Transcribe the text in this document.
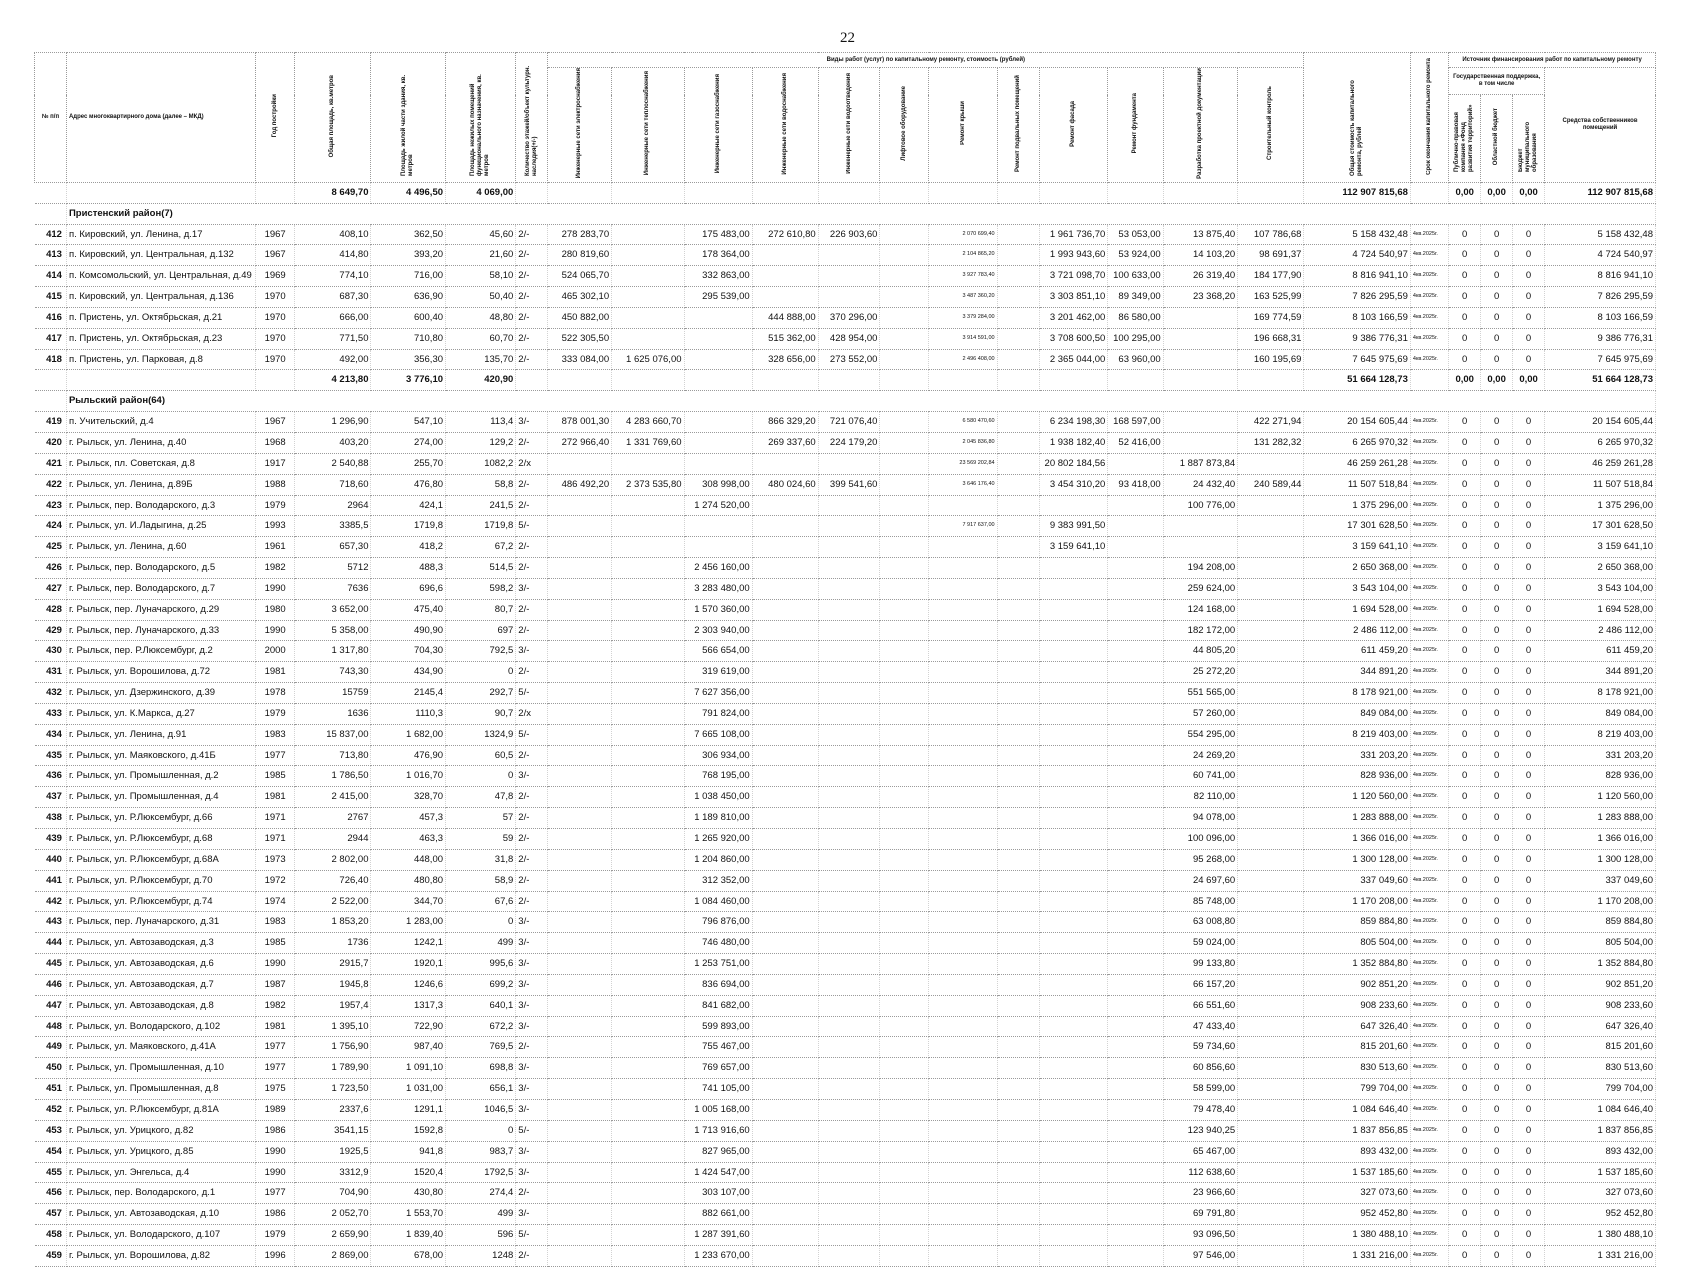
22
№ п/п	Адрес многоквартирного дома (далее – МКД)	Год постройки	Общая площадь, кв.метров	Площадь жилой части здания, кв. метров	Площадь нежилых помещений функционального назначения, кв. метров	Количество этажей/объект культурн. наследия(+/-)	Виды работ (услуг) по капитальному ремонту, стоимость (рублей)												Общая стоимость капитального ремонта, рублей	Срок окончания капитального ремонта	Источник финансирования работ по капитальному ремонту			
							Инженерные сети электроснабжения	Инженерные сети теплоснабжения	Инженерные сети газоснабжения	Инженерные сети водоснабжения	Инженерные сети водоотведения	Лифтовое оборудование	Ремонт крыши	Ремонт подвальных помещений	Ремонт фасада	Ремонт фундамента	Разработка проектной документации	Строительный контроль			Государственная поддержка, в том числе			Средства собственников помещений
																					Публично-правовая компания «Фонд развития территорий»	Областной бюджет	Бюджет муниципального образования	
			8 649,70	4 496,50	4 069,00														112 907 815,68		0,00	0,00	0,00	112 907 815,68
	Пристенский район(7)																							
412	п. Кировский, ул. Ленина, д.17	1967	408,10	362,50	45,60	2/-	278 283,70		175 483,00	272 610,80	226 903,60		2 070 699,40		1 961 736,70	53 053,00	13 875,40	107 786,68	5 158 432,48	4кв.2025г.	0	0	0	5 158 432,48
413	п. Кировский, ул. Центральная, д.132	1967	414,80	393,20	21,60	2/-	280 819,60		178 364,00				2 104 865,20		1 993 943,60	53 924,00	14 103,20	98 691,37	4 724 540,97	4кв.2025г.	0	0	0	4 724 540,97
414	п. Комсомольский, ул. Центральная, д.49	1969	774,10	716,00	58,10	2/-	524 065,70		332 863,00				3 927 783,40		3 721 098,70	100 633,00	26 319,40	184 177,90	8 816 941,10	4кв.2025г.	0	0	0	8 816 941,10
415	п. Кировский, ул. Центральная, д.136	1970	687,30	636,90	50,40	2/-	465 302,10		295 539,00				3 487 360,20		3 303 851,10	89 349,00	23 368,20	163 525,99	7 826 295,59	4кв.2025г.	0	0	0	7 826 295,59
416	п. Пристень, ул. Октябрьская, д.21	1970	666,00	600,40	48,80	2/-	450 882,00			444 888,00	370 296,00		3 379 284,00		3 201 462,00	86 580,00		169 774,59	8 103 166,59	4кв.2025г.	0	0	0	8 103 166,59
417	п. Пристень, ул. Октябрьская, д.23	1970	771,50	710,80	60,70	2/-	522 305,50			515 362,00	428 954,00		3 914 591,00		3 708 600,50	100 295,00		196 668,31	9 386 776,31	4кв.2025г.	0	0	0	9 386 776,31
418	п. Пристень, ул. Парковая, д.8	1970	492,00	356,30	135,70	2/-	333 084,00	1 625 076,00		328 656,00	273 552,00		2 496 408,00		2 365 044,00	63 960,00		160 195,69	7 645 975,69	4кв.2025г.	0	0	0	7 645 975,69
			4 213,80	3 776,10	420,90														51 664 128,73		0,00	0,00	0,00	51 664 128,73
	Рыльский район(64)																							
419	п. Учительский, д.4	1967	1 296,90	547,10	113,4	3/-	878 001,30	4 283 660,70		866 329,20	721 076,40		6 580 470,60		6 234 198,30	168 597,00		422 271,94	20 154 605,44	4кв.2025г.	0	0	0	20 154 605,44
420	г. Рыльск, ул. Ленина, д.40	1968	403,20	274,00	129,2	2/-	272 966,40	1 331 769,60		269 337,60	224 179,20		2 045 836,80		1 938 182,40	52 416,00		131 282,32	6 265 970,32	4кв.2025г.	0	0	0	6 265 970,32
421	г. Рыльск, пл. Советская, д.8	1917	2 540,88	255,70	1082,2	2/х							23 569 202,84		20 802 184,56		1 887 873,84		46 259 261,28	4кв.2025г.	0	0	0	46 259 261,28
422	г. Рыльск, ул. Ленина, д.89Б	1988	718,60	476,80	58,8	2/-	486 492,20	2 373 535,80	308 998,00	480 024,60	399 541,60		3 646 176,40		3 454 310,20	93 418,00	24 432,40	240 589,44	11 507 518,84	4кв.2025г.	0	0	0	11 507 518,84
423	г. Рыльск, пер. Володарского, д.3	1979	2964	424,1	241,5	2/-			1 274 520,00								100 776,00		1 375 296,00	4кв.2025г.	0	0	0	1 375 296,00
424	г. Рыльск, ул. И.Ладыгина, д.25	1993	3385,5	1719,8	1719,8	5/-							7 917 637,00		9 383 991,50				17 301 628,50	4кв.2025г.	0	0	0	17 301 628,50
425	г. Рыльск, ул. Ленина, д.60	1961	657,30	418,2	67,2	2/-									3 159 641,10				3 159 641,10	4кв.2025г.	0	0	0	3 159 641,10
426	г. Рыльск, пер. Володарского, д.5	1982	5712	488,3	514,5	2/-			2 456 160,00								194 208,00		2 650 368,00	4кв.2025г.	0	0	0	2 650 368,00
427	г. Рыльск, пер. Володарского, д.7	1990	7636	696,6	598,2	3/-			3 283 480,00								259 624,00		3 543 104,00	4кв.2025г.	0	0	0	3 543 104,00
428	г. Рыльск, пер. Луначарского, д.29	1980	3 652,00	475,40	80,7	2/-			1 570 360,00								124 168,00		1 694 528,00	4кв.2025г.	0	0	0	1 694 528,00
429	г. Рыльск, пер. Луначарского, д.33	1990	5 358,00	490,90	697	2/-			2 303 940,00								182 172,00		2 486 112,00	4кв.2025г.	0	0	0	2 486 112,00
430	г. Рыльск, пер. Р.Люксембург, д.2	2000	1 317,80	704,30	792,5	3/-			566 654,00								44 805,20		611 459,20	4кв.2025г.	0	0	0	611 459,20
431	г. Рыльск, ул. Ворошилова, д.72	1981	743,30	434,90	0	2/-			319 619,00								25 272,20		344 891,20	4кв.2025г.	0	0	0	344 891,20
432	г. Рыльск, ул. Дзержинского, д.39	1978	15759	2145,4	292,7	5/-			7 627 356,00								551 565,00		8 178 921,00	4кв.2025г.	0	0	0	8 178 921,00
433	г. Рыльск, ул. К.Маркса, д.27	1979	1636	1110,3	90,7	2/х			791 824,00								57 260,00		849 084,00	4кв.2025г.	0	0	0	849 084,00
434	г. Рыльск, ул. Ленина, д.91	1983	15 837,00	1 682,00	1324,9	5/-			7 665 108,00								554 295,00		8 219 403,00	4кв.2025г.	0	0	0	8 219 403,00
435	г. Рыльск, ул. Маяковского, д.41Б	1977	713,80	476,90	60,5	2/-			306 934,00								24 269,20		331 203,20	4кв.2025г.	0	0	0	331 203,20
436	г. Рыльск, ул. Промышленная, д.2	1985	1 786,50	1 016,70	0	3/-			768 195,00								60 741,00		828 936,00	4кв.2025г.	0	0	0	828 936,00
437	г. Рыльск, ул. Промышленная, д.4	1981	2 415,00	328,70	47,8	2/-			1 038 450,00								82 110,00		1 120 560,00	4кв.2025г.	0	0	0	1 120 560,00
438	г. Рыльск, ул. Р.Люксембург, д.66	1971	2767	457,3	57	2/-			1 189 810,00								94 078,00		1 283 888,00	4кв.2025г.	0	0	0	1 283 888,00
439	г. Рыльск, ул. Р.Люксембург, д.68	1971	2944	463,3	59	2/-			1 265 920,00								100 096,00		1 366 016,00	4кв.2025г.	0	0	0	1 366 016,00
440	г. Рыльск, ул. Р.Люксембург, д.68А	1973	2 802,00	448,00	31,8	2/-			1 204 860,00								95 268,00		1 300 128,00	4кв.2025г.	0	0	0	1 300 128,00
441	г. Рыльск, ул. Р.Люксембург, д.70	1972	726,40	480,80	58,9	2/-			312 352,00								24 697,60		337 049,60	4кв.2025г.	0	0	0	337 049,60
442	г. Рыльск, ул. Р.Люксембург, д.74	1974	2 522,00	344,70	67,6	2/-			1 084 460,00								85 748,00		1 170 208,00	4кв.2025г.	0	0	0	1 170 208,00
443	г. Рыльск, пер. Луначарского, д.31	1983	1 853,20	1 283,00	0	3/-			796 876,00								63 008,80		859 884,80	4кв.2025г.	0	0	0	859 884,80
444	г. Рыльск, ул. Автозаводская, д.3	1985	1736	1242,1	499	3/-			746 480,00								59 024,00		805 504,00	4кв.2025г.	0	0	0	805 504,00
445	г. Рыльск, ул. Автозаводская, д.6	1990	2915,7	1920,1	995,6	3/-			1 253 751,00								99 133,80		1 352 884,80	4кв.2025г.	0	0	0	1 352 884,80
446	г. Рыльск, ул. Автозаводская, д.7	1987	1945,8	1246,6	699,2	3/-			836 694,00								66 157,20		902 851,20	4кв.2025г.	0	0	0	902 851,20
447	г. Рыльск, ул. Автозаводская, д.8	1982	1957,4	1317,3	640,1	3/-			841 682,00								66 551,60		908 233,60	4кв.2025г.	0	0	0	908 233,60
448	г. Рыльск, ул. Володарского, д.102	1981	1 395,10	722,90	672,2	3/-			599 893,00								47 433,40		647 326,40	4кв.2025г.	0	0	0	647 326,40
449	г. Рыльск, ул. Маяковского, д.41А	1977	1 756,90	987,40	769,5	2/-			755 467,00								59 734,60		815 201,60	4кв.2025г.	0	0	0	815 201,60
450	г. Рыльск, ул. Промышленная, д.10	1977	1 789,90	1 091,10	698,8	3/-			769 657,00								60 856,60		830 513,60	4кв.2025г.	0	0	0	830 513,60
451	г. Рыльск, ул. Промышленная, д.8	1975	1 723,50	1 031,00	656,1	3/-			741 105,00								58 599,00		799 704,00	4кв.2025г.	0	0	0	799 704,00
452	г. Рыльск, ул. Р.Люксембург, д.81А	1989	2337,6	1291,1	1046,5	3/-			1 005 168,00								79 478,40		1 084 646,40	4кв.2025г.	0	0	0	1 084 646,40
453	г. Рыльск, ул. Урицкого, д.82	1986	3541,15	1592,8	0	5/-			1 713 916,60								123 940,25		1 837 856,85	4кв.2025г.	0	0	0	1 837 856,85
454	г. Рыльск, ул. Урицкого, д.85	1990	1925,5	941,8	983,7	3/-			827 965,00								65 467,00		893 432,00	4кв.2025г.	0	0	0	893 432,00
455	г. Рыльск, ул. Энгельса, д.4	1990	3312,9	1520,4	1792,5	3/-			1 424 547,00								112 638,60		1 537 185,60	4кв.2025г.	0	0	0	1 537 185,60
456	г. Рыльск, пер. Володарского, д.1	1977	704,90	430,80	274,4	2/-			303 107,00								23 966,60		327 073,60	4кв.2025г.	0	0	0	327 073,60
457	г. Рыльск, ул. Автозаводская, д.10	1986	2 052,70	1 553,70	499	3/-			882 661,00								69 791,80		952 452,80	4кв.2025г.	0	0	0	952 452,80
458	г. Рыльск, ул. Володарского, д.107	1979	2 659,90	1 839,40	596	5/-			1 287 391,60								93 096,50		1 380 488,10	4кв.2025г.	0	0	0	1 380 488,10
459	г. Рыльск, ул. Ворошилова, д.82	1996	2 869,00	678,00	1248	2/-			1 233 670,00								97 546,00		1 331 216,00	4кв.2025г.	0	0	0	1 331 216,00
